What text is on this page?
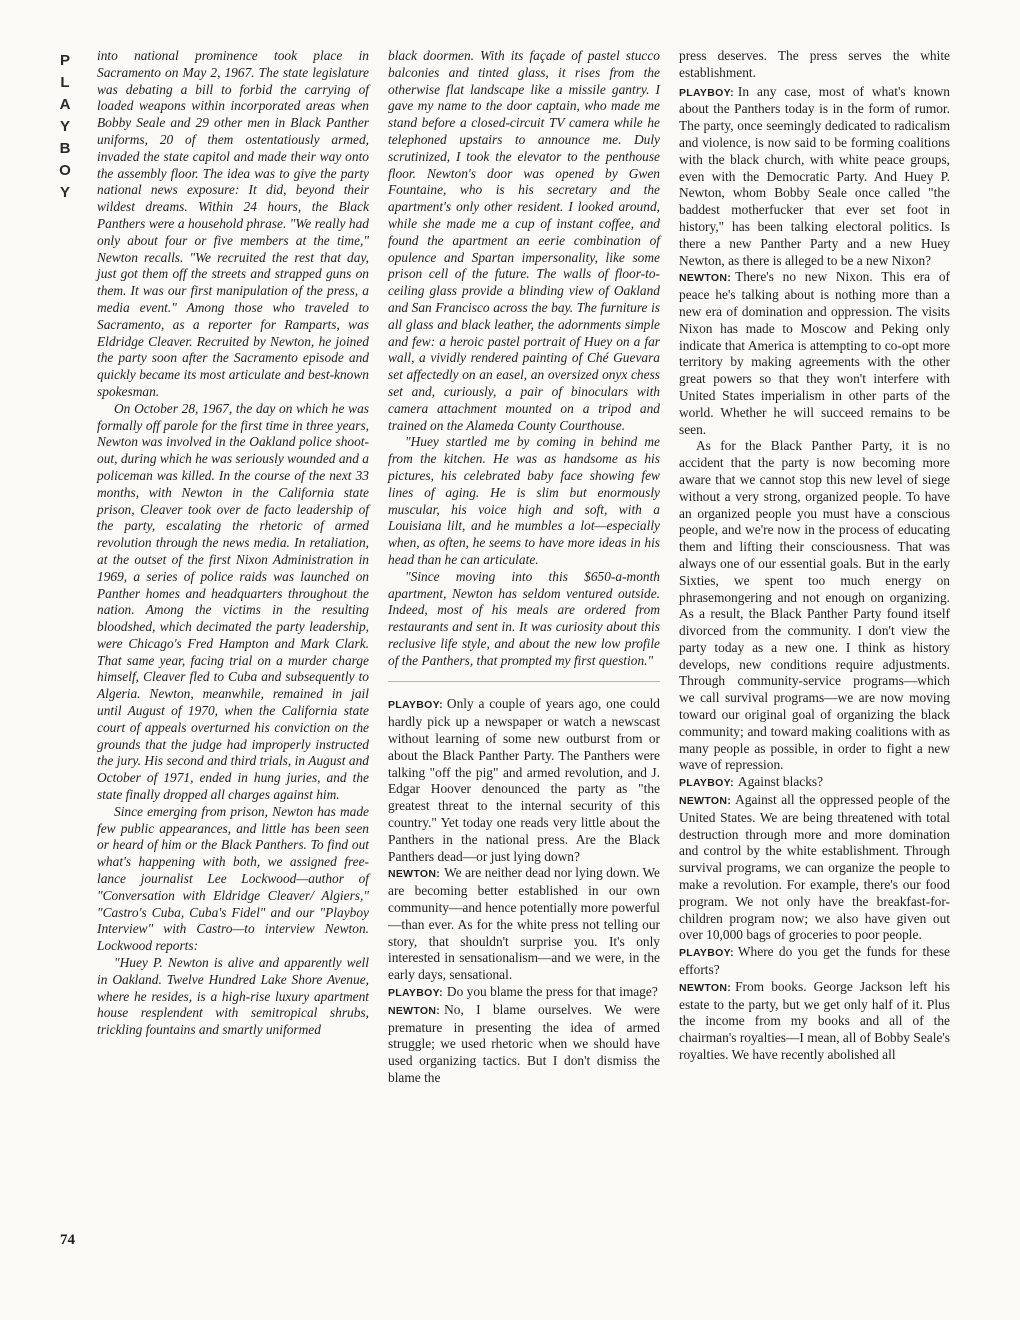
P
L
A
Y
B
O
Y

into national prominence took place in Sacramento on May 2, 1967. The state legislature was debating a bill to forbid the carrying of loaded weapons within incorporated areas when Bobby Seale and 29 other men in Black Panther uniforms, 20 of them ostentatiously armed, invaded the state capitol and made their way onto the assembly floor. The idea was to give the party national news exposure: It did, beyond their wildest dreams. Within 24 hours, the Black Panthers were a household phrase. "We really had only about four or five members at the time," Newton recalls. "We recruited the rest that day, just got them off the streets and strapped guns on them. It was our first manipulation of the press, a media event." Among those who traveled to Sacramento, as a reporter for Ramparts, was Eldridge Cleaver. Recruited by Newton, he joined the party soon after the Sacramento episode and quickly became its most articulate and best-known spokesman.

On October 28, 1967, the day on which he was formally off parole for the first time in three years, Newton was involved in the Oakland police shoot-out, during which he was seriously wounded and a policeman was killed. In the course of the next 33 months, with Newton in the California state prison, Cleaver took over de facto leadership of the party, escalating the rhetoric of armed revolution through the news media. In retaliation, at the outset of the first Nixon Administration in 1969, a series of police raids was launched on Panther homes and headquarters throughout the nation. Among the victims in the resulting bloodshed, which decimated the party leadership, were Chicago's Fred Hampton and Mark Clark. That same year, facing trial on a murder charge himself, Cleaver fled to Cuba and subsequently to Algeria. Newton, meanwhile, remained in jail until August of 1970, when the California state court of appeals overturned his conviction on the grounds that the judge had improperly instructed the jury. His second and third trials, in August and October of 1971, ended in hung juries, and the state finally dropped all charges against him.

Since emerging from prison, Newton has made few public appearances, and little has been seen or heard of him or the Black Panthers. To find out what's happening with both, we assigned free-lance journalist Lee Lockwood—author of "Conversation with Eldridge Cleaver/ Algiers," "Castro's Cuba, Cuba's Fidel" and our "Playboy Interview" with Castro—to interview Newton. Lockwood reports:

"Huey P. Newton is alive and apparently well in Oakland. Twelve Hundred Lake Shore Avenue, where he resides, is a high-rise luxury apartment house resplendent with semitropical shrubs, trickling fountains and smartly uniformed

black doormen. With its façade of pastel stucco balconies and tinted glass, it rises from the otherwise flat landscape like a missile gantry. I gave my name to the door captain, who made me stand before a closed-circuit TV camera while he telephoned upstairs to announce me. Duly scrutinized, I took the elevator to the penthouse floor. Newton's door was opened by Gwen Fountaine, who is his secretary and the apartment's only other resident. I looked around, while she made me a cup of instant coffee, and found the apartment an eerie combination of opulence and Spartan impersonality, like some prison cell of the future. The walls of floor-to-ceiling glass provide a blinding view of Oakland and San Francisco across the bay. The furniture is all glass and black leather, the adornments simple and few: a heroic pastel portrait of Huey on a far wall, a vividly rendered painting of Ché Guevara set affectedly on an easel, an oversized onyx chess set and, curiously, a pair of binoculars with camera attachment mounted on a tripod and trained on the Alameda County Courthouse.

"Huey startled me by coming in behind me from the kitchen. He was as handsome as his pictures, his celebrated baby face showing few lines of aging. He is slim but enormously muscular, his voice high and soft, with a Louisiana lilt, and he mumbles a lot—especially when, as often, he seems to have more ideas in his head than he can articulate.

"Since moving into this $650-a-month apartment, Newton has seldom ventured outside. Indeed, most of his meals are ordered from restaurants and sent in. It was curiosity about this reclusive life style, and about the new low profile of the Panthers, that prompted my first question."

PLAYBOY: Only a couple of years ago, one could hardly pick up a newspaper or watch a newscast without learning of some new outburst from or about the Black Panther Party. The Panthers were talking "off the pig" and armed revolution, and J. Edgar Hoover denounced the party as "the greatest threat to the internal security of this country." Yet today one reads very little about the Panthers in the national press. Are the Black Panthers dead—or just lying down?

NEWTON: We are neither dead nor lying down. We are becoming better established in our own community—and hence potentially more powerful—than ever. As for the white press not telling our story, that shouldn't surprise you. It's only interested in sensationalism—and we were, in the early days, sensational.

PLAYBOY: Do you blame the press for that image?

NEWTON: No, I blame ourselves. We were premature in presenting the idea of armed struggle; we used rhetoric when we should have used organizing tactics. But I don't dismiss the blame the

press deserves. The press serves the white establishment.

PLAYBOY: In any case, most of what's known about the Panthers today is in the form of rumor. The party, once seemingly dedicated to radicalism and violence, is now said to be forming coalitions with the black church, with white peace groups, even with the Democratic Party. And Huey P. Newton, whom Bobby Seale once called "the baddest motherfucker that ever set foot in history," has been talking electoral politics. Is there a new Panther Party and a new Huey Newton, as there is alleged to be a new Nixon?

NEWTON: There's no new Nixon. This era of peace he's talking about is nothing more than a new era of domination and oppression. The visits Nixon has made to Moscow and Peking only indicate that America is attempting to co-opt more territory by making agreements with the other great powers so that they won't interfere with United States imperialism in other parts of the world. Whether he will succeed remains to be seen.

As for the Black Panther Party, it is no accident that the party is now becoming more aware that we cannot stop this new level of siege without a very strong, organized people. To have an organized people you must have a conscious people, and we're now in the process of educating them and lifting their consciousness. That was always one of our essential goals. But in the early Sixties, we spent too much energy on phrasemongering and not enough on organizing. As a result, the Black Panther Party found itself divorced from the community. I don't view the party today as a new one. I think as history develops, new conditions require adjustments. Through community-service programs—which we call survival programs—we are now moving toward our original goal of organizing the black community; and toward making coalitions with as many people as possible, in order to fight a new wave of repression.

PLAYBOY: Against blacks?

NEWTON: Against all the oppressed people of the United States. We are being threatened with total destruction through more and more domination and control by the white establishment. Through survival programs, we can organize the people to make a revolution. For example, there's our food program. We not only have the breakfast-for-children program now; we also have given out over 10,000 bags of groceries to poor people.

PLAYBOY: Where do you get the funds for these efforts?

NEWTON: From books. George Jackson left his estate to the party, but we get only half of it. Plus the income from my books and all of the chairman's royalties—I mean, all of Bobby Seale's royalties. We have recently abolished all

74
